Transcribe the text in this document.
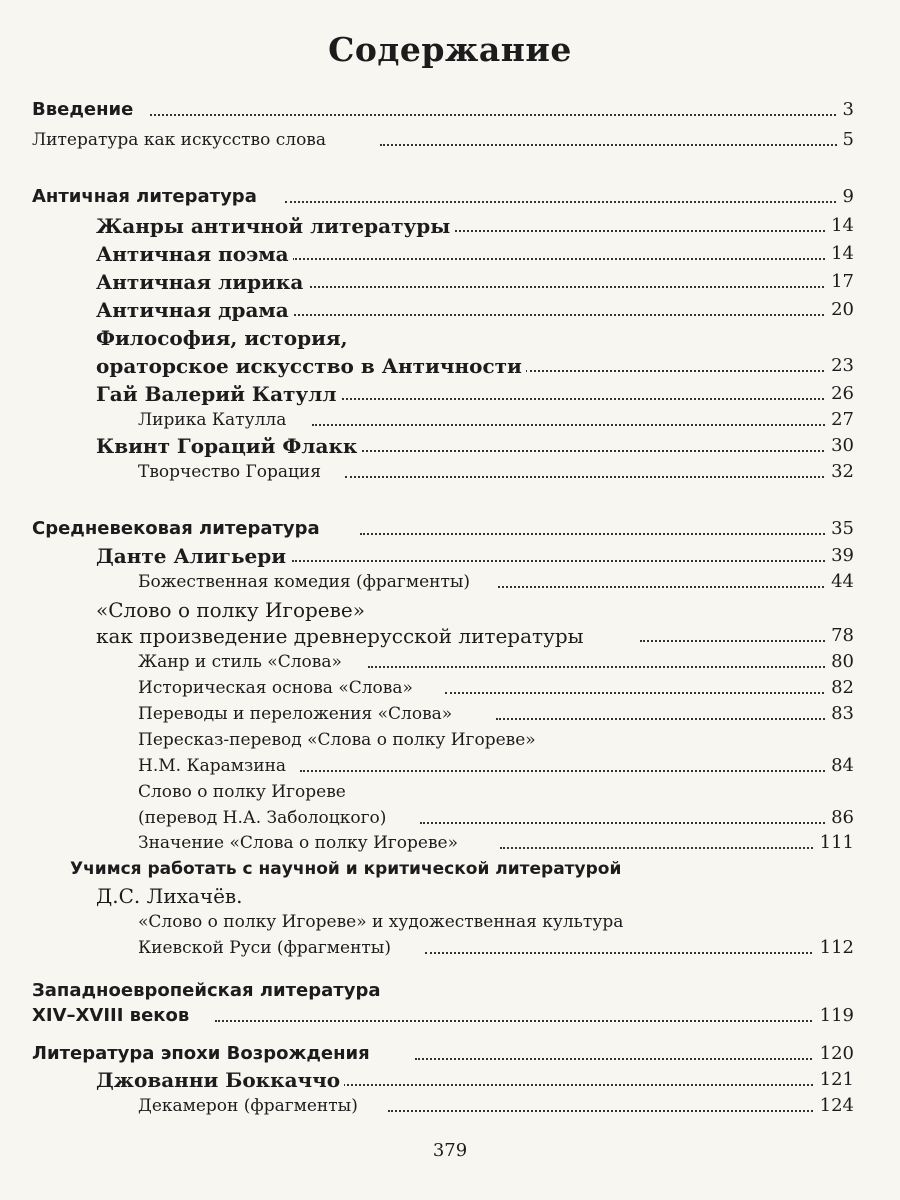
Содержание
Введение	3
Литература как искусство слова	5
Античная литература	9
Жанры античной литературы	14
Античная поэма	14
Античная лирика	17
Античная драма	20
Философия, история,
ораторское искусство в Античности	23
Гай Валерий Катулл	26
Лирика Катулла	27
Квинт Гораций Флакк	30
Творчество Горация	32
Средневековая литература	35
Данте Алигьери	39
Божественная комедия (фрагменты)	44
«Слово о полку Игореве»
как произведение древнерусской литературы	78
Жанр и стиль «Слова»	80
Историческая основа «Слова»	82
Переводы и переложения «Слова»	83
Пересказ-перевод «Слова о полку Игореве»
Н.М. Карамзина	84
Слово о полку Игореве
(перевод Н.А. Заболоцкого)	86
Значение «Слова о полку Игореве»	111
Учимся работать с научной и критической литературой
Д.С. Лихачёв.
«Слово о полку Игореве» и художественная культура
Киевской Руси (фрагменты)	112
Западноевропейская литература
XIV–XVIII веков	119
Литература эпохи Возрождения	120
Джованни Боккаччо	121
Декамерон (фрагменты)	124
379
